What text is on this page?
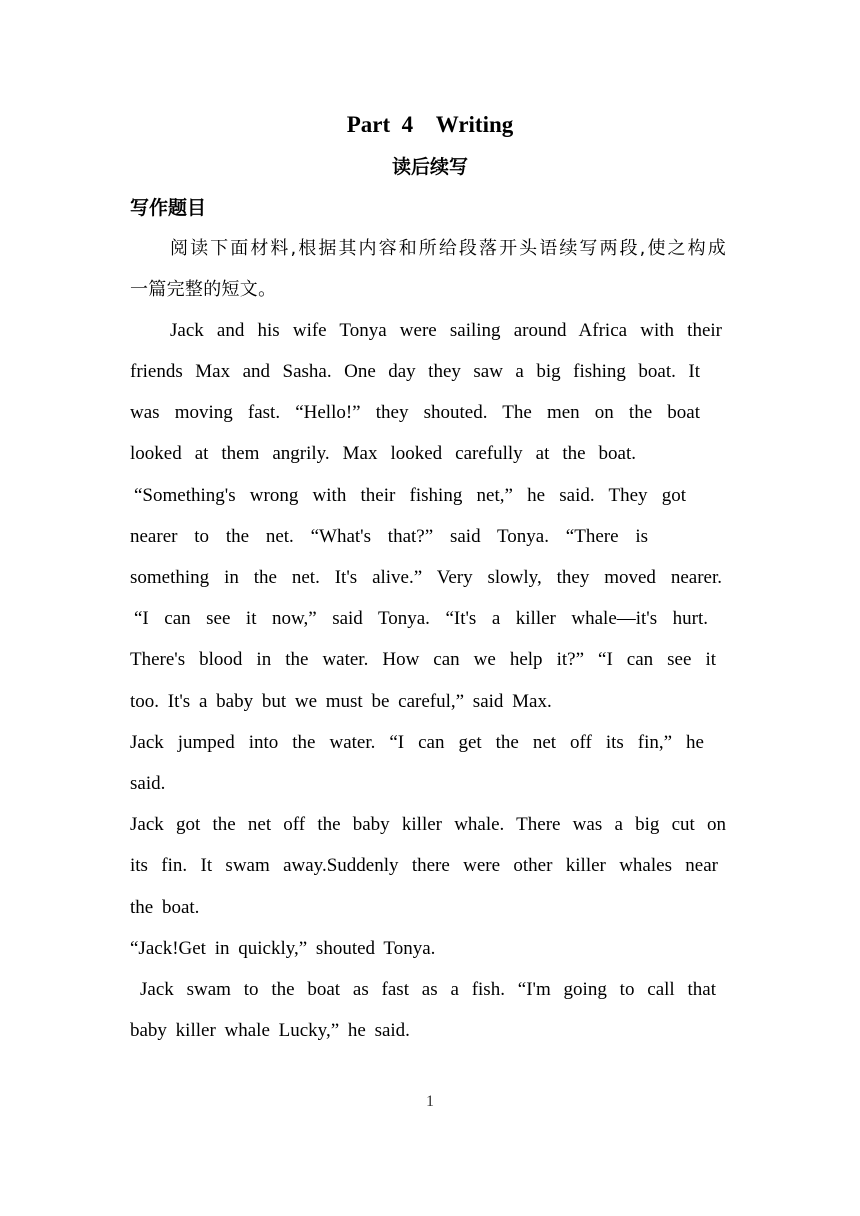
Part  4    Writing
读后续写
写作题目
阅读下面材料,根据其内容和所给段落开头语续写两段,使之构成
一篇完整的短文。
Jack and his wife Tonya were sailing around Africa with their
friends Max and Sasha. One day they saw a big fishing boat. It
was moving fast. “Hello!” they shouted. The men on the boat
looked at them angrily. Max looked carefully at the boat.
“Something's wrong with their fishing net,” he said. They got
nearer to the net. “What's that?” said Tonya. “There is
something in the net. It's alive.” Very slowly, they moved nearer.
“I can see it now,” said Tonya. “It's a killer whale—it's hurt.
There's blood in the water. How can we help it?” “I can see it
too. It's a baby but we must be careful,” said Max.
Jack jumped into the water. “I can get the net off its fin,” he
said.
Jack got the net off the baby killer whale. There was a big cut on
its fin. It swam away.Suddenly there were other killer whales near
the boat.
“Jack!Get in quickly,” shouted Tonya.
Jack swam to the boat as fast as a fish. “I'm going to call that
baby killer whale Lucky,” he said.
1
